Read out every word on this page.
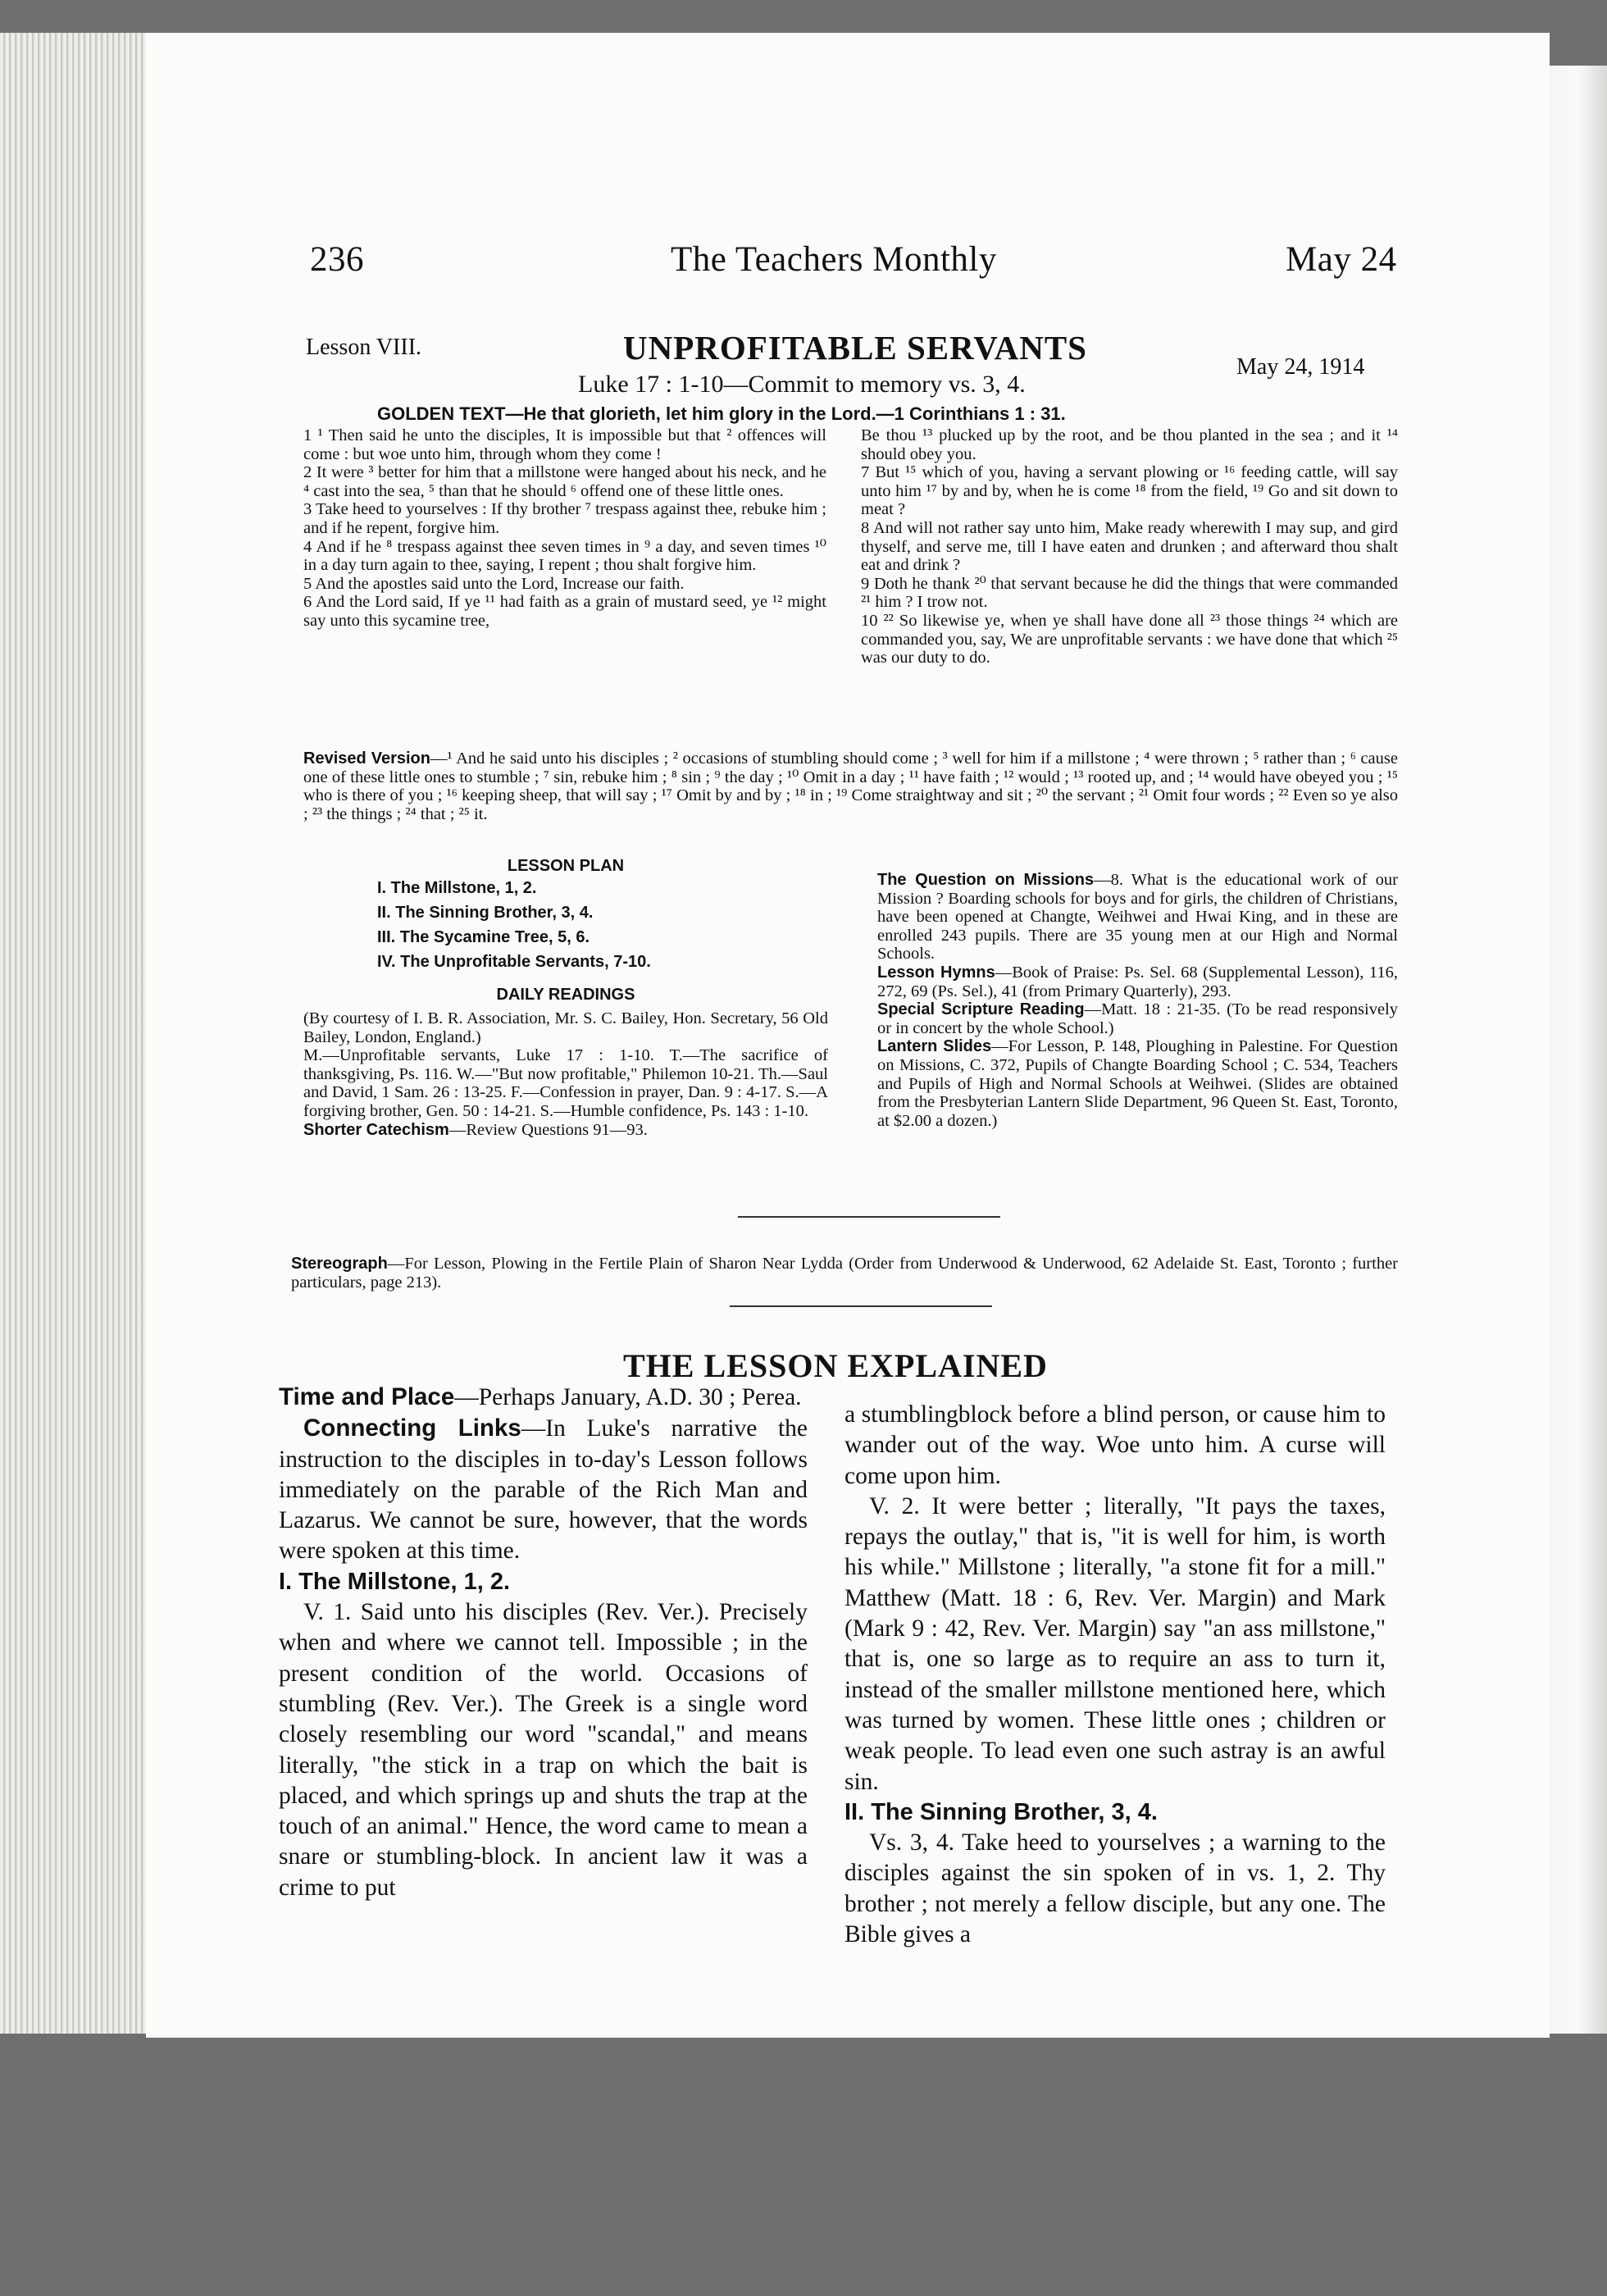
236	The Teachers Monthly	May 24
Lesson VIII.	UNPROFITABLE SERVANTS
May 24, 1914
Luke 17 : 1-10—Commit to memory vs. 3, 4.
GOLDEN TEXT—He that glorieth, let him glory in the Lord.—1 Corinthians 1 : 31.

1 ¹ Then said he unto the disciples, It is impossible but that ² offences will come : but woe unto him, through whom they come !

2 It were ³ better for him that a millstone were hanged about his neck, and he ⁴ cast into the sea, ⁵ than that he should ⁶ offend one of these little ones.

3 Take heed to yourselves : If thy brother ⁷ trespass against thee, rebuke him ; and if he repent, forgive him.

4 And if he ⁸ trespass against thee seven times in ⁹ a day, and seven times ¹⁰ in a day turn again to thee, saying, I repent ; thou shalt forgive him.

5 And the apostles said unto the Lord, Increase our faith.

6 And the Lord said, If ye ¹¹ had faith as a grain of mustard seed, ye ¹² might say unto this sycamine tree,

Be thou ¹³ plucked up by the root, and be thou planted in the sea ; and it ¹⁴ should obey you.

7 But ¹⁵ which of you, having a servant plowing or ¹⁶ feeding cattle, will say unto him ¹⁷ by and by, when he is come ¹⁸ from the field, ¹⁹ Go and sit down to meat ?

8 And will not rather say unto him, Make ready wherewith I may sup, and gird thyself, and serve me, till I have eaten and drunken ; and afterward thou shalt eat and drink ?

9 Doth he thank ²⁰ that servant because he did the things that were commanded ²¹ him ? I trow not.

10 ²² So likewise ye, when ye shall have done all ²³ those things ²⁴ which are commanded you, say, We are unprofitable servants : we have done that which ²⁵ was our duty to do.

Revised Version—¹ And he said unto his disciples ; ² occasions of stumbling should come ; ³ well for him if a millstone ; ⁴ were thrown ; ⁵ rather than ; ⁶ cause one of these little ones to stumble ; ⁷ sin, rebuke him ; ⁸ sin ; ⁹ the day ; ¹⁰ Omit in a day ; ¹¹ have faith ; ¹² would ; ¹³ rooted up, and ; ¹⁴ would have obeyed you ; ¹⁵ who is there of you ; ¹⁶ keeping sheep, that will say ; ¹⁷ Omit by and by ; ¹⁸ in ; ¹⁹ Come straightway and sit ; ²⁰ the servant ; ²¹ Omit four words ; ²² Even so ye also ; ²³ the things ; ²⁴ that ; ²⁵ it.
LESSON PLAN
I. The Millstone, 1, 2.
II. The Sinning Brother, 3, 4.
III. The Sycamine Tree, 5, 6.
IV. The Unprofitable Servants, 7-10.
DAILY READINGS
(By courtesy of I. B. R. Association, Mr. S. C. Bailey, Hon. Secretary, 56 Old Bailey, London, England.)
M.—Unprofitable servants, Luke 17 : 1-10. T.—The sacrifice of thanksgiving, Ps. 116. W.—"But now profitable," Philemon 10-21. Th.—Saul and David, 1 Sam. 26 : 13-25. F.—Confession in prayer, Dan. 9 : 4-17. S.—A forgiving brother, Gen. 50 : 14-21. S.—Humble confidence, Ps. 143 : 1-10.
Shorter Catechism—Review Questions 91—93.

The Question on Missions—8. What is the educational work of our Mission ? Boarding schools for boys and for girls, the children of Christians, have been opened at Changte, Weihwei and Hwai King, and in these are enrolled 243 pupils. There are 35 young men at our High and Normal Schools.

Lesson Hymns—Book of Praise: Ps. Sel. 68 (Supplemental Lesson), 116, 272, 69 (Ps. Sel.), 41 (from Primary Quarterly), 293.

Special Scripture Reading—Matt. 18 : 21-35. (To be read responsively or in concert by the whole School.)

Lantern Slides—For Lesson, P. 148, Ploughing in Palestine. For Question on Missions, C. 372, Pupils of Changte Boarding School ; C. 534, Teachers and Pupils of High and Normal Schools at Weihwei. (Slides are obtained from the Presbyterian Lantern Slide Department, 96 Queen St. East, Toronto, at $2.00 a dozen.)

Stereograph—For Lesson, Plowing in the Fertile Plain of Sharon Near Lydda (Order from Underwood & Underwood, 62 Adelaide St. East, Toronto ; further particulars, page 213).
THE LESSON EXPLAINED

Time and Place—Perhaps January, A.D. 30 ; Perea.

Connecting Links—In Luke's narrative the instruction to the disciples in to-day's Lesson follows immediately on the parable of the Rich Man and Lazarus. We cannot be sure, however, that the words were spoken at this time.

I. The Millstone, 1, 2.

V. 1. Said unto his disciples (Rev. Ver.). Precisely when and where we cannot tell. Impossible ; in the present condition of the world. Occasions of stumbling (Rev. Ver.). The Greek is a single word closely resembling our word "scandal," and means literally, "the stick in a trap on which the bait is placed, and which springs up and shuts the trap at the touch of an animal." Hence, the word came to mean a snare or stumbling-block. In ancient law it was a crime to put

a stumblingblock before a blind person, or cause him to wander out of the way. Woe unto him. A curse will come upon him.

V. 2. It were better ; literally, "It pays the taxes, repays the outlay," that is, "it is well for him, is worth his while." Millstone ; literally, "a stone fit for a mill." Matthew (Matt. 18 : 6, Rev. Ver. Margin) and Mark (Mark 9 : 42, Rev. Ver. Margin) say "an ass millstone," that is, one so large as to require an ass to turn it, instead of the smaller millstone mentioned here, which was turned by women. These little ones ; children or weak people. To lead even one such astray is an awful sin.

II. The Sinning Brother, 3, 4.

Vs. 3, 4. Take heed to yourselves ; a warning to the disciples against the sin spoken of in vs. 1, 2. Thy brother ; not merely a fellow disciple, but any one. The Bible gives a
